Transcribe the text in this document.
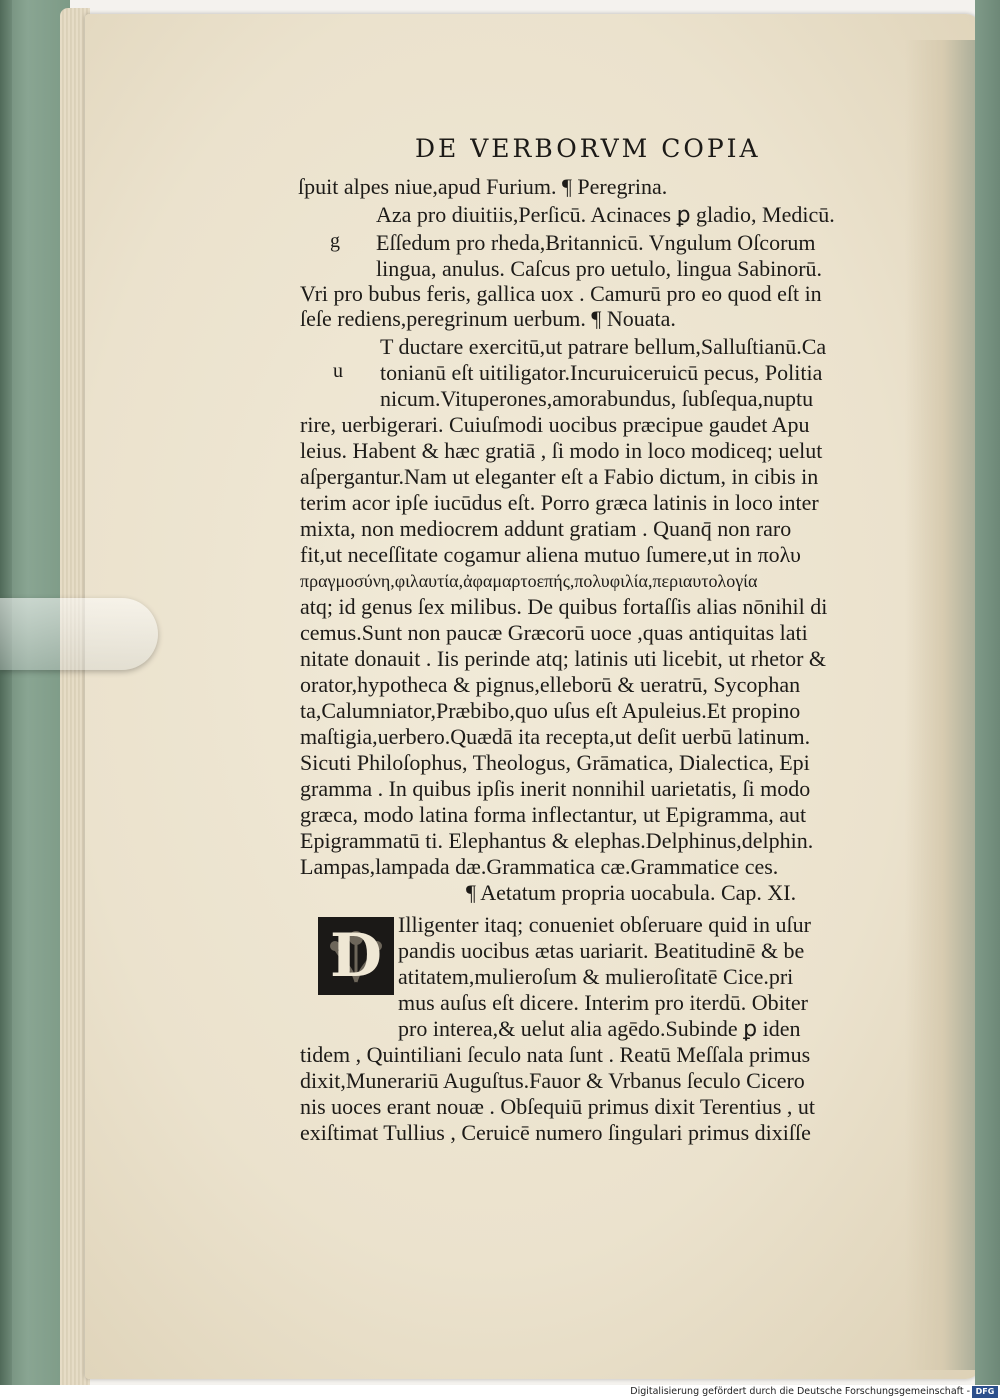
DE VERBORVM COPIA
g
u
ſpuit alpes niue,apud Furium. ¶ Peregrina.
Aza pro diuitiis,Perſicū. Acinaces ꝑ gladio, Medicū.
Eſſedum pro rheda,Britannicū. Vngulum Oſcorum
lingua, anulus. Caſcus pro uetulo, lingua Sabinorū.
Vri pro bubus feris, gallica uox . Camurū pro eo quod eſt in
ſeſe rediens,peregrinum uerbum. ¶ Nouata.
T ductare exercitū,ut patrare bellum,Salluſtianū.Ca
tonianū eſt uitiligator.Incuruiceruicū pecus, Politia
nicum.Vituperones,amorabundus, ſubſequa,nuptu
rire, uerbigerari. Cuiuſmodi uocibus præcipue gaudet Apu
leius. Habent & hæc gratiā , ſi modo in loco modiceq; uelut
aſpergantur.Nam ut eleganter eſt a Fabio dictum, in cibis in
terim acor ipſe iucūdus eſt. Porro græca latinis in loco inter
mixta, non mediocrem addunt gratiam . Quanq̄ non raro
fit,ut neceſſitate cogamur aliena mutuo ſumere,ut in πολυ
πραγμοσύνη,φιλαυτία,ἀφαμαρτοεπής,πολυφιλία,περιαυτολογία
atq; id genus ſex milibus. De quibus fortaſſis alias nōnihil di
cemus.Sunt non paucæ Græcorū uoce ,quas antiquitas lati
nitate donauit . Iis perinde atq; latinis uti licebit, ut rhetor &
orator,hypotheca & pignus,elleborū & ueratrū, Sycophan
ta,Calumniator,Præbibo,quo uſus eſt Apuleius.Et propino
maſtigia,uerbero.Quædā ita recepta,ut deſit uerbū latinum.
Sicuti Philoſophus, Theologus, Grāmatica, Dialectica, Epi
gramma . In quibus ipſis inerit nonnihil uarietatis, ſi modo
græca, modo latina forma inflectantur, ut Epigramma, aut
Epigrammatū ti. Elephantus & elephas.Delphinus,delphin.
Lampas,lampada dæ.Grammatica cæ.Grammatice ces.
¶ Aetatum propria uocabula. Cap. XI.
D Illigenter itaq; conueniet obſeruare quid in uſur
pandis uocibus ætas uariarit. Beatitudinē & be
atitatem,mulieroſum & mulieroſitatē Cice.pri
mus auſus eſt dicere. Interim pro iterdū. Obiter
pro interea,& uelut alia agēdo.Subinde ꝑ iden
tidem , Quintiliani ſeculo nata ſunt . Reatū Meſſala primus
dixit,Munerariū Auguſtus.Fauor & Vrbanus ſeculo Cicero
nis uoces erant nouæ . Obſequiū primus dixit Terentius , ut
exiſtimat Tullius , Ceruicē numero ſingulari primus dixiſſe
Digitalisierung gefördert durch die Deutsche Forschungsgemeinschaft - DFG
